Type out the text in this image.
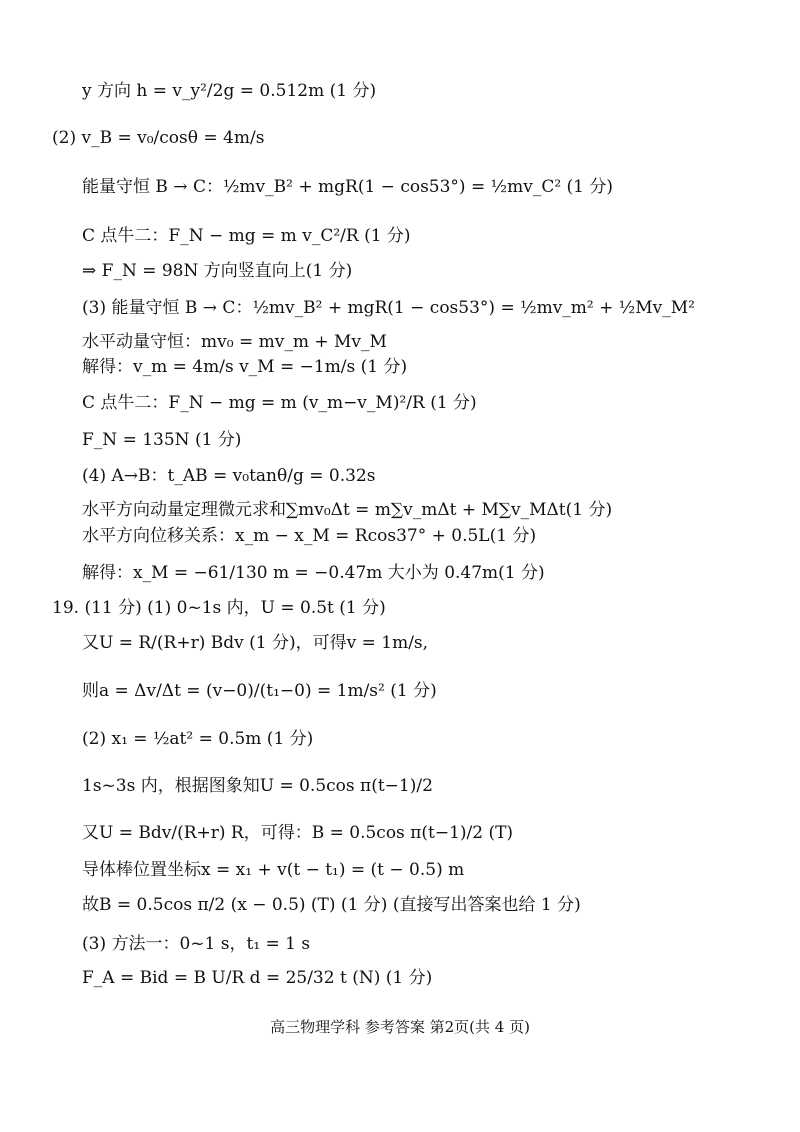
y 方向 h = v_y²/2g = 0.512m (1 分)
(2) v_B = v₀/cosθ = 4m/s
能量守恒 B → C：½mv_B² + mgR(1 − cos53°) = ½mv_C² (1 分)
C 点牛二：F_N − mg = m v_C²/R (1 分)
⇒ F_N = 98N 方向竖直向上(1 分)
(3) 能量守恒 B → C：½mv_B² + mgR(1 − cos53°) = ½mv_m² + ½Mv_M²
水平动量守恒：mv₀ = mv_m + Mv_M
解得：v_m = 4m/s v_M = −1m/s (1 分)
C 点牛二：F_N − mg = m (v_m−v_M)²/R (1 分)
F_N = 135N (1 分)
(4) A→B：t_AB = v₀tanθ/g = 0.32s
水平方向动量定理微元求和∑mv₀Δt = m∑v_mΔt + M∑v_MΔt(1 分)
水平方向位移关系：x_m − x_M = Rcos37° + 0.5L(1 分)
解得：x_M = −61/130 m = −0.47m 大小为 0.47m(1 分)
19. (11 分) (1) 0~1s 内，U = 0.5t (1 分)
又U = R/(R+r) Bdv (1 分)，可得v = 1m/s,
则a = Δv/Δt = (v−0)/(t₁−0) = 1m/s² (1 分)
(2) x₁ = ½at² = 0.5m (1 分)
1s~3s 内，根据图象知U = 0.5cos π(t−1)/2
又U = Bdv/(R+r) R，可得：B = 0.5cos π(t−1)/2 (T)
导体棒位置坐标x = x₁ + v(t − t₁) = (t − 0.5) m
故B = 0.5cos π/2 (x − 0.5) (T) (1 分) (直接写出答案也给 1 分)
(3) 方法一：0~1 s，t₁ = 1 s
F_A = Bid = B U/R d = 25/32 t (N) (1 分)
高三物理学科 参考答案 第2页(共 4 页)
